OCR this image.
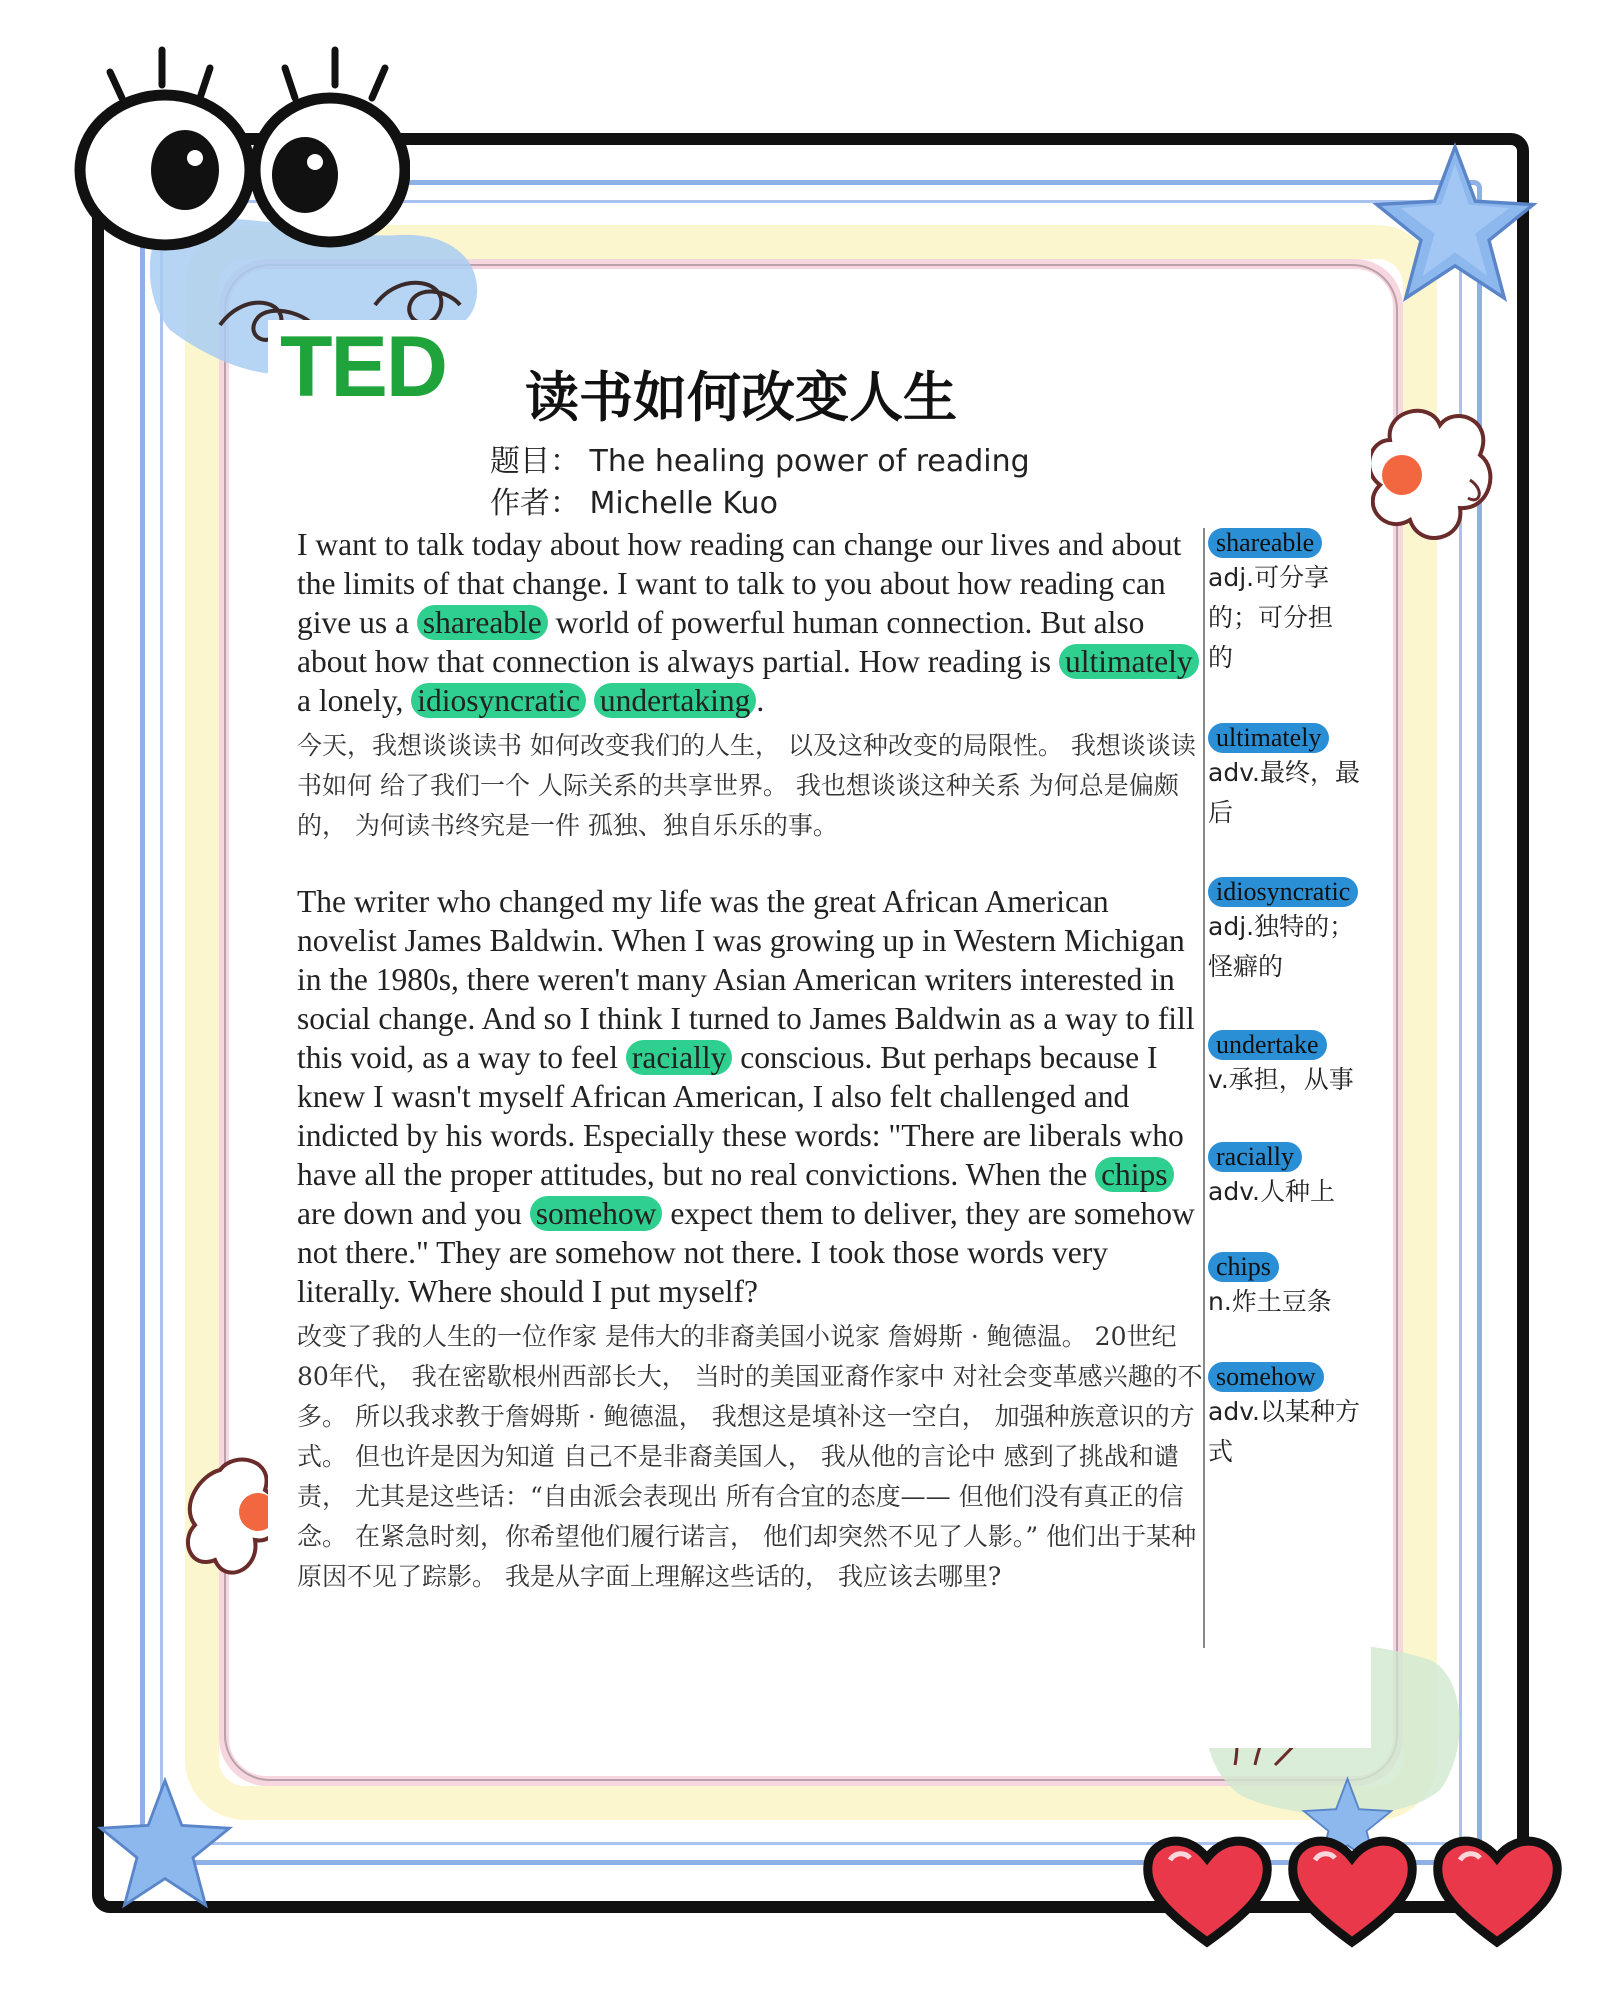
TED 读书如何改变人生
题目： The healing power of reading
作者： Michelle Kuo

I want to talk today about how reading can change our lives and about the limits of that change. I want to talk to you about how reading can give us a shareable world of powerful human connection. But also about how that connection is always partial. How reading is ultimately a lonely, idiosyncratic undertaking .

今天，我想谈谈读书 如何改变我们的人生， 以及这种改变的局限性。 我想谈谈读书如何 给了我们一个 人际关系的共享世界。 我也想谈谈这种关系 为何总是偏颇的， 为何读书终究是一件 孤独、独自乐乐的事。

The writer who changed my life was the great African American novelist James Baldwin. When I was growing up in Western Michigan in the 1980s, there weren't many Asian American writers interested in social change. And so I think I turned to James Baldwin as a way to fill this void, as a way to feel racially conscious. But perhaps because I knew I wasn't myself African American, I also felt challenged and indicted by his words. Especially these words: "There are liberals who have all the proper attitudes, but no real convictions. When the chips are down and you somehow expect them to deliver, they are somehow not there." They are somehow not there. I took those words very literally. Where should I put myself?

改变了我的人生的一位作家 是伟大的非裔美国小说家 詹姆斯 · 鲍德温。 20世纪80年代， 我在密歇根州西部长大， 当时的美国亚裔作家中 对社会变革感兴趣的不多。 所以我求教于詹姆斯 · 鲍德温， 我想这是填补这一空白， 加强种族意识的方式。 但也许是因为知道 自己不是非裔美国人， 我从他的言论中 感到了挑战和谴责， 尤其是这些话：“自由派会表现出 所有合宜的态度—— 但他们没有真正的信念。 在紧急时刻，你希望他们履行诺言， 他们却突然不见了人影。” 他们出于某种原因不见了踪影。 我是从字面上理解这些话的， 我应该去哪里?

shareable
adj.可分享
的；可分担
的
ultimately
adv.最终，最
后
idiosyncratic
adj.独特的；
怪癖的
undertake
v.承担，从事
racially
adv.人种上
chips
n.炸土豆条
somehow
adv.以某种方
式
